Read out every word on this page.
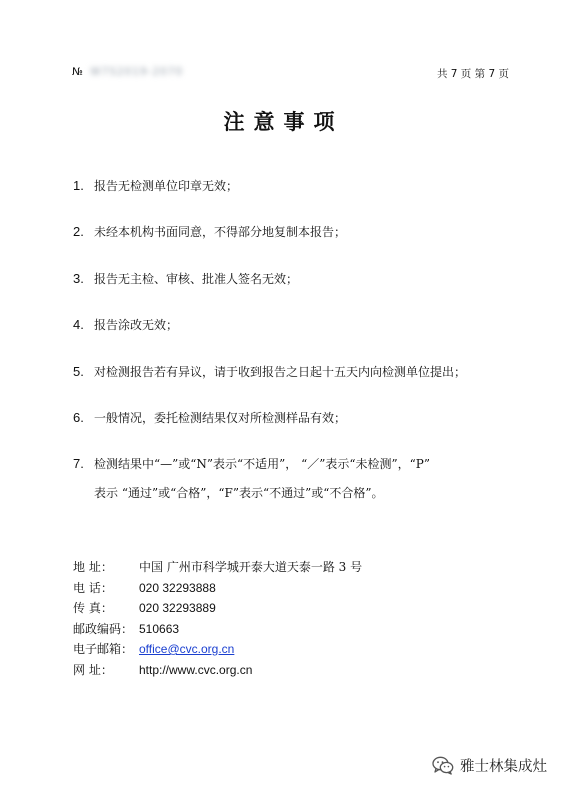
№ W7S2019-2070	共 7 页 第 7 页
注意事项
1. 报告无检测单位印章无效；
2. 未经本机构书面同意，不得部分地复制本报告；
3. 报告无主检、审核、批准人签名无效；
4. 报告涂改无效；
5. 对检测报告若有异议，请于收到报告之日起十五天内向检测单位提出；
6. 一般情况，委托检测结果仅对所检测样品有效；
7. 检测结果中“—”或“N”表示“不适用”， “／”表示“未检测”，“P”
表示 “通过”或“合格”，“F”表示“不通过”或“不合格”。
地 址： 中国 广州市科学城开泰大道天泰一路 3 号
电 话： 020 32293888
传 真： 020 32293889
邮政编码： 510663
电子邮箱： office@cvc.org.cn
网 址： http://www.cvc.org.cn
雅士林集成灶
